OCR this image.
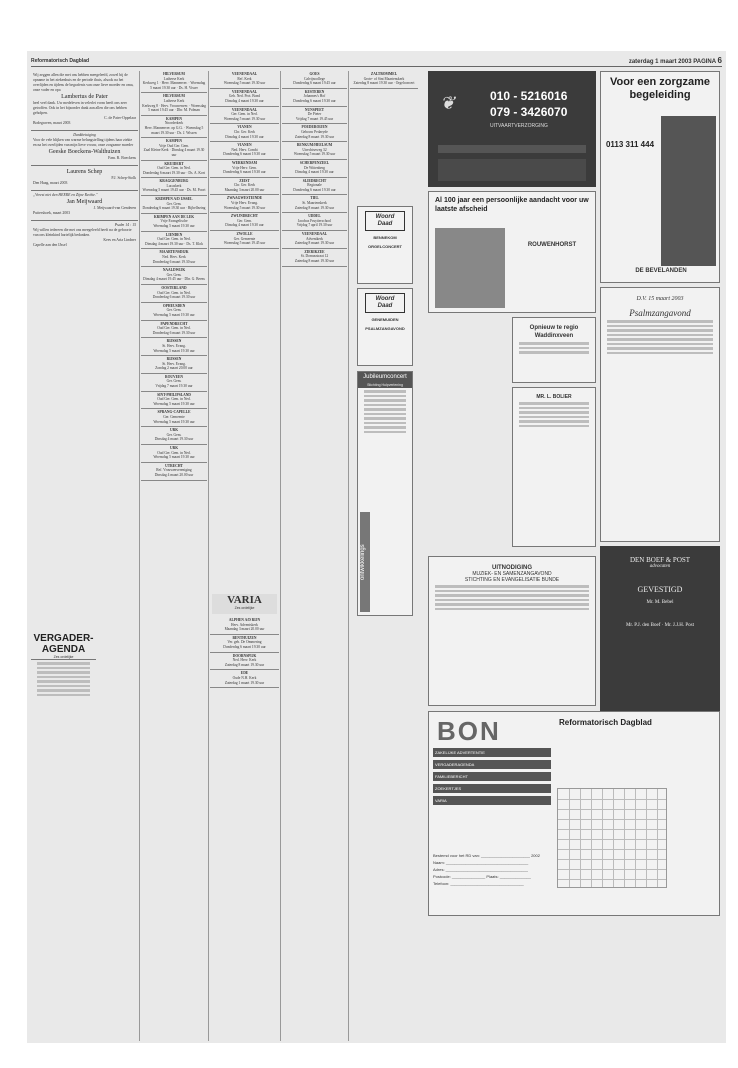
Reformatorisch Dagblad	zaterdag 1 maart 2003 PAGINA 6
Wij zeggen allen die met ons hebben meegeleefd, zowel bij de opname in het ziekenhuis en de periode thuis, alsook na het overlijden en tijdens de begrafenis van onze lieve moeder en oma, onze vader en opa
Lambertus de Pater
heel veel dank. Uw medeleven in velerlei vorm heeft ons zeer getroffen. Ook in het bijzonder dank aan allen die ons hebben geholpen.
C. de Pater-Oppelaar
Bodegraven, maart 2003
Dankbetuiging
Voor de vele blijken van warme belangstelling tijdens haar ziekte en na het overlijden van mijn lieve vrouw, onze zorgzame moeder
Geeske Boeckens-Walthuizen
Fam. R. Boeckens
Laurens Schep
P.J. Schep-Stolk
Den Haag, maart 2003
„Vreest niet den HEERE en Zijne Rechte."
Jan Meijwaard
J. Meijwaard-van Genderen
Puttershoek, maart 2003
Psalm 14 : 15
Wij willen iedereen die met ons meegeleefd heeft na de geboorte van ons kleinkind hartelijk bedanken.
Kees en Aria Lindner
Capelle aan den IJssel
VERGADER-AGENDA
Zes ordelijke
HILVERSUM
Lutherse Kerk
Kerkweg 1 · Herv. Mannenver. · Woensdag 5 maart 19.30 uur · Ds. H. Visser
HILVERSUM
Lutherse Kerk
Kerkweg 8 · Herv. Vrouwenver. · Woensdag 5 maart 19.45 uur · Dhr. M. Polman
KAMPEN
Noorderkerk
Herv. Mannenver. op G.G. · Woensdag 5 maart 19.30 uur · Ds. J. Wissen
KAMPEN
Vrije Oud Ger. Gem.
Zaal Kleine Kerk · Dinsdag 4 maart 19.30 uur
KRUIDERT
Oud Ger. Gem. in Ned.
Donderdag 6 maart 19.30 uur · Ds. A. Kort
KRAGGENBURG
Lucaskerk
Woensdag 5 maart 19.45 uur · Ds. M. Poort
KRIMPEN A/D IJSSEL
Ger. Gem.
Donderdag 6 maart 19.30 uur · Bijbellezing
KRIMPEN AAN DE LEK
Vrije Evangelische
Woensdag 5 maart 19.30 uur
LIENDEN
Oud Ger. Gem. in Ned.
Dinsdag 4 maart 19.30 uur · Ds. T. Klok
MAARTENSDIJK
Ned. Herv. Kerk
Donderdag 6 maart 19.30 uur
NAALDWIJK
Ger. Gem.
Dinsdag 4 maart 19.45 uur · Dhr. G. Beens
OOSTERLAND
Oud Ger. Gem. in Ned.
Donderdag 6 maart 19.30 uur
OPHEUSDEN
Ger. Gem.
Woensdag 5 maart 19.30 uur
PAPENDRECHT
Oud Ger. Gem. in Ned.
Donderdag 6 maart 19.30 uur
RIJSSEN
St. Herv. Evang.
Woensdag 5 maart 19.30 uur
RIJSSEN
St. Herv. Evang.
Zondag 2 maart 20.00 uur
ROUVEEN
Ger. Gem.
Vrijdag 7 maart 19.30 uur
SINT-PHILIPSLAND
Oud Ger. Gem. in Ned.
Woensdag 5 maart 19.30 uur
SPRANG-CAPELLE
Ger. Gemeente
Woensdag 5 maart 19.30 uur
URK
Ger. Gem.
Dinsdag 4 maart 19.30 uur
URK
Oud Ger. Gem. in Ned.
Woensdag 5 maart 19.30 uur
UTRECHT
Ref. Vrouwenvereniging
Dinsdag 4 maart 20.00 uur
VEENENDAAL
Ref. Kerk
Woensdag 5 maart 19.30 uur
VEENENDAAL
Geb. Ned. Prot. Bond
Dinsdag 4 maart 19.30 uur
VEENENDAAL
Ger. Gem. in Ned.
Woensdag 5 maart 19.30 uur
VIANEN
Chr. Ger. Kerk
Dinsdag 4 maart 19.30 uur
VIANEN
Ned. Herv. Combi
Donderdag 6 maart 19.30 uur
WERKENDAM
Vrije Herv. Gem.
Donderdag 6 maart 19.30 uur
ZEIST
Chr. Ger. Kerk
Maandag 3 maart 20.00 uur
ZWAAGWESTEINDE
Vrije Herv. Evang.
Woensdag 5 maart 19.30 uur
ZWIJNDRECHT
Ger. Gem.
Dinsdag 4 maart 19.30 uur
ZWOLLE
Ger. Gemeente
Woensdag 5 maart 19.45 uur
VARIA
Zes ordelijke
ALPHEN A/D RIJN
Herv. Adventskerk
Maandag 3 maart 20.00 uur
BENTHUIZEN
Ver. geb. De Ommering
Donderdag 6 maart 19.30 uur
DOORNSPIJK
Ned. Herv. Kerk
Zaterdag 8 maart 19.30 uur
EDE
Oude N.H. Kerk
Zaterdag 1 maart 19.30 uur
GOES
Calvijncollege
Donderdag 6 maart 19.45 uur
KESTEREN
Johannes's Hof
Donderdag 6 maart 19.30 uur
NUNSPEET
De Pieter
Vrijdag 7 maart 19.45 uur
POEDEROIJEN
Gebouw Pedaeyde
Zaterdag 8 maart 19.30 uur
RENKUM/HEELSUM
Utrechtseweg 32
Woensdag 5 maart 19.30 uur
SCHERPENZEEL
De Wittenberg
Dinsdag 4 maart 19.30 uur
SLIEDRECHT
Regionale
Donderdag 6 maart 19.30 uur
TIEL
St. Maartenskerk
Zaterdag 8 maart 19.30 uur
UDDEL
Jacobus Fruytierschool
Vrijdag 7 april 19.30 uur
VEENENDAAL
Adventkerk
Zaterdag 8 maart 19.30 uur
ZIERIKZEE
St. Domusstraat 12
Zaterdag 8 maart 19.30 uur
ZALTBOMMEL
Grote- of Sint Maartenskerk
Zaterdag 8 maart 19.30 uur · Orgelconcert
Woord Daad
BENNEKOM
ORGELCONCERT
Woord Daad
GENEMUIDEN
PSALMZANGAVOND
Jubileumconcert
Stichting Hulpverlening
ontwikkelings
❦	010 - 5216016
079 - 3426070
UITVAARTVERZORGING
Voor een zorgzame begeleiding
0113 311 444
DE BEVELANDEN
Al 100 jaar een persoonlijke aandacht voor uw laatste afscheid
ROUWENHORST
D.V. 15 maart 2003
Psalmzangavond
Opnieuw te regio Waddinxveen
MR. L. BOLIER
DEN BOEF & POST
advocaten
GEVESTIGD
Mr. M. Bebel
Mr. P.J. den Boef · Mr. J.J.H. Post
UITNODIGING
MUZIEK- EN SAMENZANGAVOND
STICHTING EN EVANGELISATIE BUNDE
BON	Reformatorisch Dagblad
ZAKELIJKE ADVERTENTIE
VERGADERAGENDA
FAMILIEBERICHT
ZOEKERTJES
VARIA
Bestemd voor het RD van: ______________________ 2002
Naam: _____________________________________
Adres: _____________________________________
Postcode: _______________ Plaats: ______________
Telefoon: _________________________________
